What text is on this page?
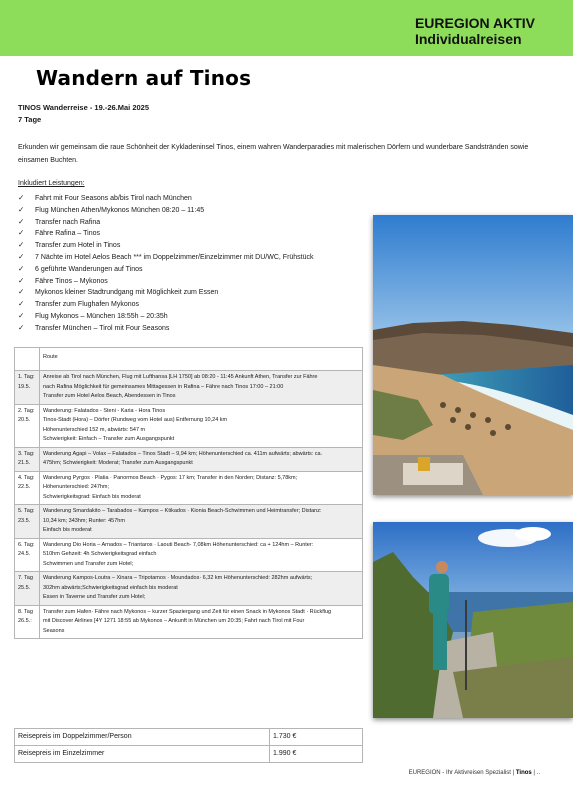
EUREGION AKTIV
Individualreisen
Wandern auf Tinos
TINOS Wanderreise - 19.-26.Mai 2025
7 Tage

Erkunden wir gemeinsam die raue Schönheit der Kykladeninsel Tinos, einem wahren Wanderparadies mit malerischen Dörfern und wunderbare Sandstränden sowie einsamen Buchten.

Inkludiert Leistungen:
✓ Fahrt mit Four Seasons ab/bis Tirol nach München
✓ Flug München Athen/Mykonos München 08:20 – 11:45
✓ Transfer nach Rafina
✓ Fähre Rafina – Tinos
✓ Transfer zum Hotel in Tinos
✓ 7 Nächte im Hotel Aelos Beach *** im Doppelzimmer/Einzelzimmer mit DU/WC, Frühstück
✓ 6 geführte Wanderungen auf Tinos
✓ Fähre Tinos – Mykonos
✓ Mykonos kleiner Stadtrundgang mit Möglichkeit zum Essen
✓ Transfer zum Flughafen Mykonos
✓ Flug Mykonos – München 18:55h – 20:35h
✓ Transfer München – Tirol mit Four Seasons
	Route

1. Tag:
19.5.	Anreise ab Tirol nach München, Flug mit Lufthansa [LH 1750] ab 08:20 - 11:45 Ankunft Athen, Transfer zur Fähre
nach Rafina Möglichkeit für gemeinsames Mittagessen in Rafina – Fähre nach Tinos 17:00 – 21:00
Transfer zum Hotel Aelos Beach, Abendessen in Tinos

2. Tag:
20.5.	Wanderung: Falatados - Steni - Karia - Hora Tinos
Tinos-Stadt (Hora) – Dörfer (Rundweg vom Hotel aus) Entfernung 10,24 km
Höhenunterschied 152 m, abwärts: 547 m
Schwierigkeit: Einfach – Transfer zum Ausgangspunkt

3. Tag:
21.5.	Wanderung Agapi – Volax – Falatados – Tinos Stadt – 9,94 km; Höhenunterschied ca. 411m aufwärts; abwärts: ca.
475hm; Schwierigkeit: Moderat; Transfer zum Ausgangspunkt

4. Tag:
22.5.	Wanderung Pyrgos · Platia · Panormos Beach · Pygos: 17 km; Transfer in den Norden; Distanz: 5,78km;
Höhenunterschied: 247hm;
Schwierigkeitsgrad: Einfach bis moderat

5. Tag:
23.5.	Wanderung Smardakito – Tarabados – Kampos – Ktikados · Kionia Beach-Schwimmen und Heimtransfer; Distanz:
10,34 km; 343hm; Runter: 457hm
Einfach bis moderat

6. Tag:
24.5.	Wanderung Dio Horia – Arnados – Triantaros · Laouti Beach- 7,08km Höhenunterschied: ca + 124hm – Runter:
510hm Gehzeit: 4h Schwierigkeitsgrad einfach
Schwimmen und Transfer zum Hotel;

7. Tag
25.5.	Wanderung Kampos-Loutra – Xinara – Tripotamos · Moundados· 6,32 km Höhenunterschied: 282hm aufwärts;
302hm abwärts;Schwierigkeitsgrad einfach bis moderat
Essen in Taverne und Transfer zum Hotel;

8. Tag
26.5.:	Transfer zum Hafen· Fähre nach Mykonos – kurzer Spaziergang und Zeit für einen Snack in Mykonos Stadt · Rückflug
mit Discover Airlines [4Y 1271 18:55 ab Mykonos – Ankunft in München um 20:35; Fahrt nach Tirol mit Four
Seasons
Reisepreis im Doppelzimmer/Person	1.730 €
Reisepreis im Einzelzimmer	1.990 €
EUREGION - Ihr Aktivreisen Spezialist | Tinos | ..
